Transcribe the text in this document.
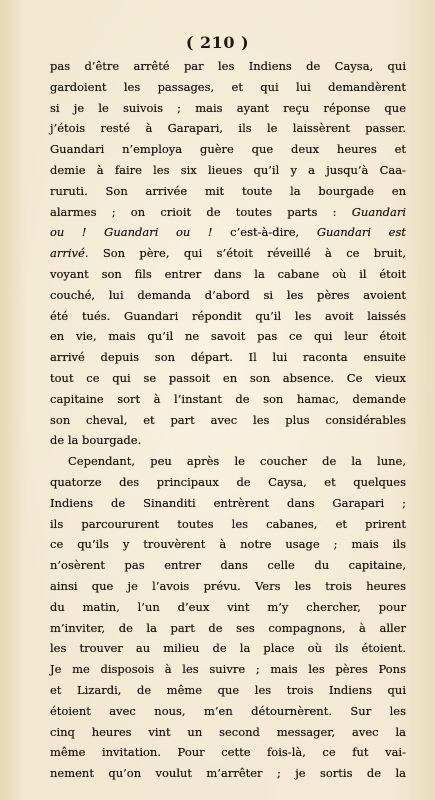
( 210 )
pas d’être arrêté par les Indiens de Caysa, qui
gardoient les passages, et qui lui demandèrent
si je le suivois ; mais ayant reçu réponse que
j’étois resté à Garapari, ils le laissèrent passer.
Guandari n’employa guère que deux heures et
demie à faire les six lieues qu’il y a jusqu’à Caa-
ruruti. Son arrivée mit toute la bourgade en
alarmes ; on crioit de toutes parts : Guandari
ou ! Guandari ou ! c’est-à-dire, Guandari est
arrivé. Son père, qui s’étoit réveillé à ce bruit,
voyant son fils entrer dans la cabane où il étoit
couché, lui demanda d’abord si les pères avoient
été tués. Guandari répondit qu’il les avoit laissés
en vie, mais qu’il ne savoit pas ce qui leur étoit
arrivé depuis son départ. Il lui raconta ensuite
tout ce qui se passoit en son absence. Ce vieux
capitaine sort à l’instant de son hamac, demande
son cheval, et part avec les plus considérables
de la bourgade.
Cependant, peu après le coucher de la lune,
quatorze des principaux de Caysa, et quelques
Indiens de Sinanditi entrèrent dans Garapari ;
ils parcoururent toutes les cabanes, et prirent
ce qu’ils y trouvèrent à notre usage ; mais ils
n’osèrent pas entrer dans celle du capitaine,
ainsi que je l’avois prévu. Vers les trois heures
du matin, l’un d’eux vint m’y chercher, pour
m’inviter, de la part de ses compagnons, à aller
les trouver au milieu de la place où ils étoient.
Je me disposois à les suivre ; mais les pères Pons
et Lizardi, de même que les trois Indiens qui
étoient avec nous, m’en détournèrent. Sur les
cinq heures vint un second messager, avec la
même invitation. Pour cette fois-là, ce fut vai-
nement qu’on voulut m’arrêter ; je sortis de la
